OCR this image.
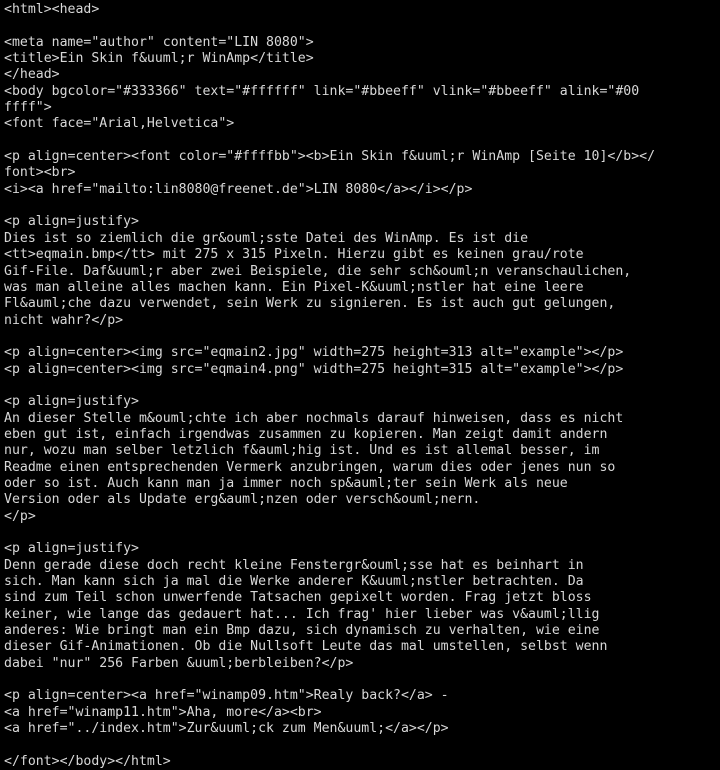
<html><head>
<meta name="author" content="LIN 8080">
<title>Ein Skin f&uuml;r WinAmp</title>
</head>
<body bgcolor="#333366" text="#ffffff" link="#bbeeff" vlink="#bbeeff" alink="#00
ffff">
<font face="Arial,Helvetica">
<p align=center><font color="#ffffbb"><b>Ein Skin f&uuml;r WinAmp [Seite 10]</b></
font><br>
<i><a href="mailto:lin8080@freenet.de">LIN 8080</a></i></p>
<p align=justify>
Dies ist so ziemlich die gr&ouml;sste Datei des WinAmp. Es ist die
<tt>eqmain.bmp</tt> mit 275 x 315 Pixeln. Hierzu gibt es keinen grau/rote
Gif-File. Daf&uuml;r aber zwei Beispiele, die sehr sch&ouml;n veranschaulichen,
was man alleine alles machen kann. Ein Pixel-K&uuml;nstler hat eine leere
Fl&auml;che dazu verwendet, sein Werk zu signieren. Es ist auch gut gelungen,
nicht wahr?</p>
<p align=center><img src="eqmain2.jpg" width=275 height=313 alt="example"></p>
<p align=center><img src="eqmain4.png" width=275 height=315 alt="example"></p>
<p align=justify>
An dieser Stelle m&ouml;chte ich aber nochmals darauf hinweisen, dass es nicht
eben gut ist, einfach irgendwas zusammen zu kopieren. Man zeigt damit andern
nur, wozu man selber letzlich f&auml;hig ist. Und es ist allemal besser, im
Readme einen entsprechenden Vermerk anzubringen, warum dies oder jenes nun so
oder so ist. Auch kann man ja immer noch sp&auml;ter sein Werk als neue
Version oder als Update erg&auml;nzen oder versch&ouml;nern.
</p>
<p align=justify>
Denn gerade diese doch recht kleine Fenstergr&ouml;sse hat es beinhart in
sich. Man kann sich ja mal die Werke anderer K&uuml;nstler betrachten. Da
sind zum Teil schon unwerfende Tatsachen gepixelt worden. Frag jetzt bloss
keiner, wie lange das gedauert hat... Ich frag' hier lieber was v&auml;llig
anderes: Wie bringt man ein Bmp dazu, sich dynamisch zu verhalten, wie eine
dieser Gif-Animationen. Ob die Nullsoft Leute das mal umstellen, selbst wenn
dabei "nur" 256 Farben &uuml;berbleiben?</p>
<p align=center><a href="winamp09.htm">Realy back?</a> -
<a href="winamp11.htm">Aha, more</a><br>
<a href="../index.htm">Zur&uuml;ck zum Men&uuml;</a></p>
</font></body></html>
